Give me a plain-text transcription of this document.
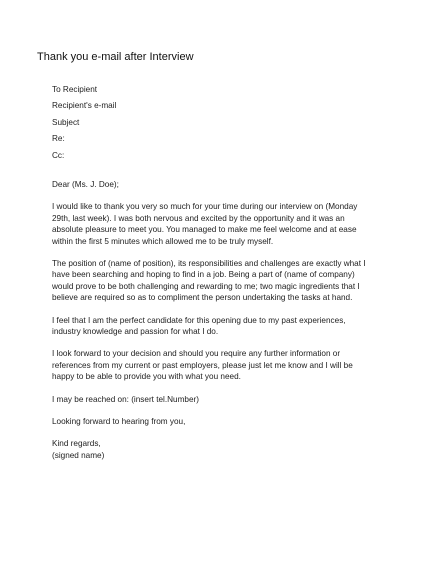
Thank you e-mail after Interview
To Recipient
Recipient's e-mail
Subject
Re:
Cc:
Dear (Ms. J. Doe);
I would like to thank you very so much for your time during our interview on (Monday
29th, last week). I was both nervous and excited by the opportunity and it was an
absolute pleasure to meet you. You managed to make me feel welcome and at ease
within the first 5 minutes which allowed me to be truly myself.
The position of (name of position), its responsibilities and challenges are exactly what I
have been searching and hoping to find in a job. Being a part of (name of company)
would prove to be both challenging and rewarding to me; two magic ingredients that I
believe are required so as to compliment the person undertaking the tasks at hand.
I feel that I am the perfect candidate for this opening due to my past experiences,
industry knowledge and passion for what I do.
I look forward to your decision and should you require any further information or
references from my current or past employers, please just let me know and I will be
happy to be able to provide you with what you need.
I may be reached on: (insert tel.Number)
Looking forward to hearing from you,
Kind regards,
(signed name)
